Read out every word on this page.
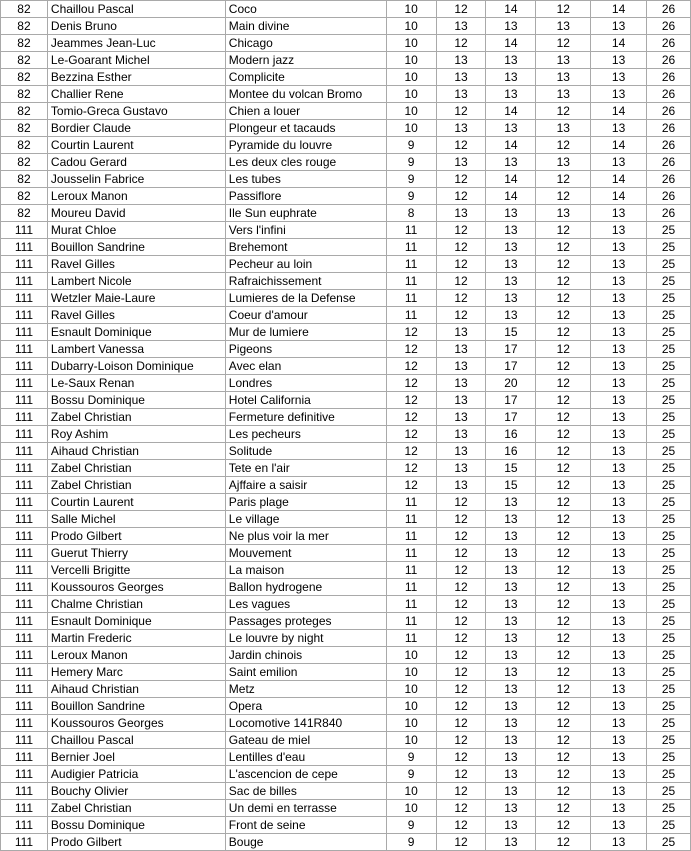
82	Chaillou Pascal	Coco	10	12	14	12	14	26
82	Denis Bruno	Main divine	10	13	13	13	13	26
82	Jeammes Jean-Luc	Chicago	10	12	14	12	14	26
82	Le-Goarant Michel	Modern jazz	10	13	13	13	13	26
82	Bezzina Esther	Complicite	10	13	13	13	13	26
82	Challier Rene	Montee du volcan Bromo	10	13	13	13	13	26
82	Tomio-Greca Gustavo	Chien a louer	10	12	14	12	14	26
82	Bordier Claude	Plongeur et tacauds	10	13	13	13	13	26
82	Courtin Laurent	Pyramide du louvre	9	12	14	12	14	26
82	Cadou Gerard	Les deux cles rouge	9	13	13	13	13	26
82	Jousselin Fabrice	Les tubes	9	12	14	12	14	26
82	Leroux Manon	Passiflore	9	12	14	12	14	26
82	Moureu David	Ile Sun euphrate	8	13	13	13	13	26
111	Murat Chloe	Vers l'infini	11	12	13	12	13	25
111	Bouillon Sandrine	Brehemont	11	12	13	12	13	25
111	Ravel Gilles	Pecheur au loin	11	12	13	12	13	25
111	Lambert Nicole	Rafraichissement	11	12	13	12	13	25
111	Wetzler Maie-Laure	Lumieres de la Defense	11	12	13	12	13	25
111	Ravel Gilles	Coeur d'amour	11	12	13	12	13	25
111	Esnault Dominique	Mur de lumiere	12	13	15	12	13	25
111	Lambert Vanessa	Pigeons	12	13	17	12	13	25
111	Dubarry-Loison Dominique	Avec elan	12	13	17	12	13	25
111	Le-Saux Renan	Londres	12	13	20	12	13	25
111	Bossu Dominique	Hotel California	12	13	17	12	13	25
111	Zabel Christian	Fermeture definitive	12	13	17	12	13	25
111	Roy Ashim	Les pecheurs	12	13	16	12	13	25
111	Aihaud Christian	Solitude	12	13	16	12	13	25
111	Zabel Christian	Tete en l'air	12	13	15	12	13	25
111	Zabel Christian	Ajffaire a saisir	12	13	15	12	13	25
111	Courtin Laurent	Paris plage	11	12	13	12	13	25
111	Salle Michel	Le village	11	12	13	12	13	25
111	Prodo Gilbert	Ne plus voir la mer	11	12	13	12	13	25
111	Guerut Thierry	Mouvement	11	12	13	12	13	25
111	Vercelli Brigitte	La maison	11	12	13	12	13	25
111	Koussouros Georges	Ballon hydrogene	11	12	13	12	13	25
111	Chalme Christian	Les vagues	11	12	13	12	13	25
111	Esnault Dominique	Passages proteges	11	12	13	12	13	25
111	Martin Frederic	Le louvre by night	11	12	13	12	13	25
111	Leroux Manon	Jardin chinois	10	12	13	12	13	25
111	Hemery Marc	Saint emilion	10	12	13	12	13	25
111	Aihaud Christian	Metz	10	12	13	12	13	25
111	Bouillon Sandrine	Opera	10	12	13	12	13	25
111	Koussouros Georges	Locomotive 141R840	10	12	13	12	13	25
111	Chaillou Pascal	Gateau de miel	10	12	13	12	13	25
111	Bernier Joel	Lentilles d'eau	9	12	13	12	13	25
111	Audigier Patricia	L'ascencion de cepe	9	12	13	12	13	25
111	Bouchy Olivier	Sac de billes	10	12	13	12	13	25
111	Zabel Christian	Un demi en terrasse	10	12	13	12	13	25
111	Bossu Dominique	Front de seine	9	12	13	12	13	25
111	Prodo Gilbert	Bouge	9	12	13	12	13	25
